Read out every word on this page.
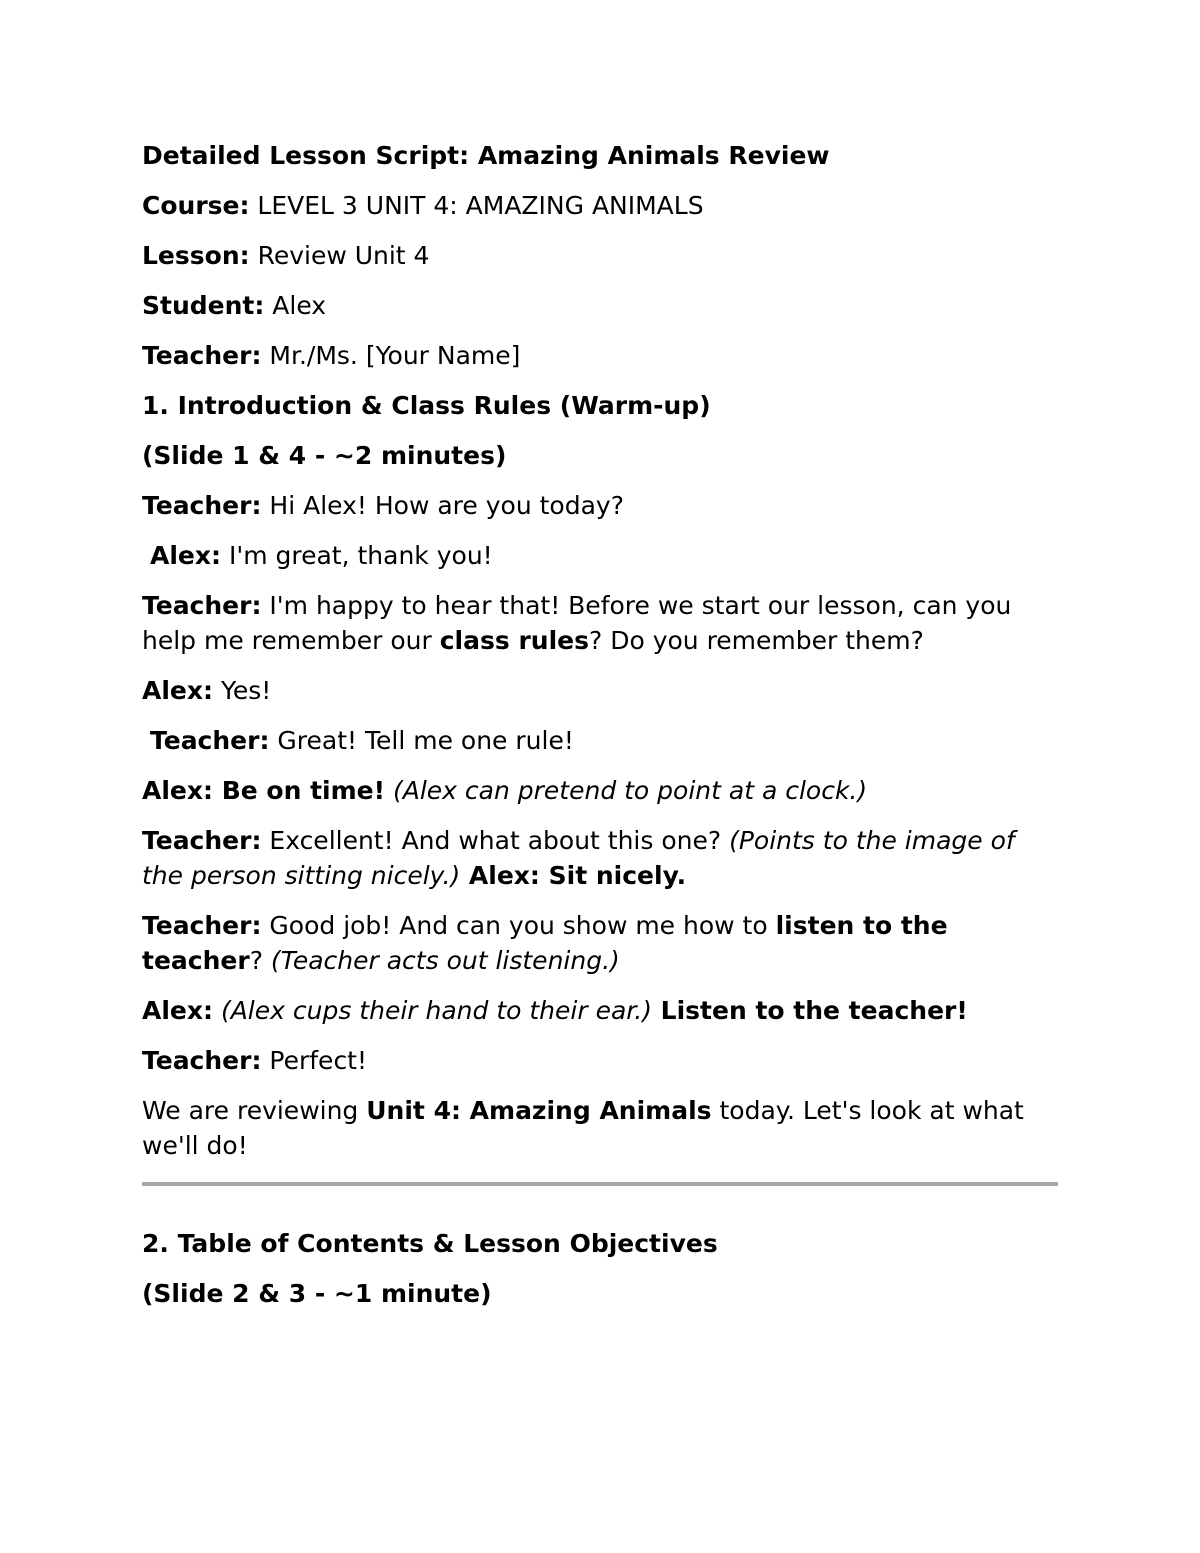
Detailed Lesson Script: Amazing Animals Review

Course: LEVEL 3 UNIT 4: AMAZING ANIMALS

Lesson: Review Unit 4

Student: Alex

Teacher: Mr./Ms. [Your Name]

1. Introduction & Class Rules (Warm-up)

(Slide 1 & 4 - ~2 minutes)

Teacher: Hi Alex! How are you today?

Alex: I'm great, thank you!

Teacher: I'm happy to hear that! Before we start our lesson, can you help me remember our class rules? Do you remember them?

Alex: Yes!

Teacher: Great! Tell me one rule!

Alex: Be on time! (Alex can pretend to point at a clock.)

Teacher: Excellent! And what about this one? (Points to the image of the person sitting nicely.) Alex: Sit nicely.

Teacher: Good job! And can you show me how to listen to the teacher? (Teacher acts out listening.)

Alex: (Alex cups their hand to their ear.) Listen to the teacher!

Teacher: Perfect!

We are reviewing Unit 4: Amazing Animals today. Let's look at what we'll do!

2. Table of Contents & Lesson Objectives

(Slide 2 & 3 - ~1 minute)
